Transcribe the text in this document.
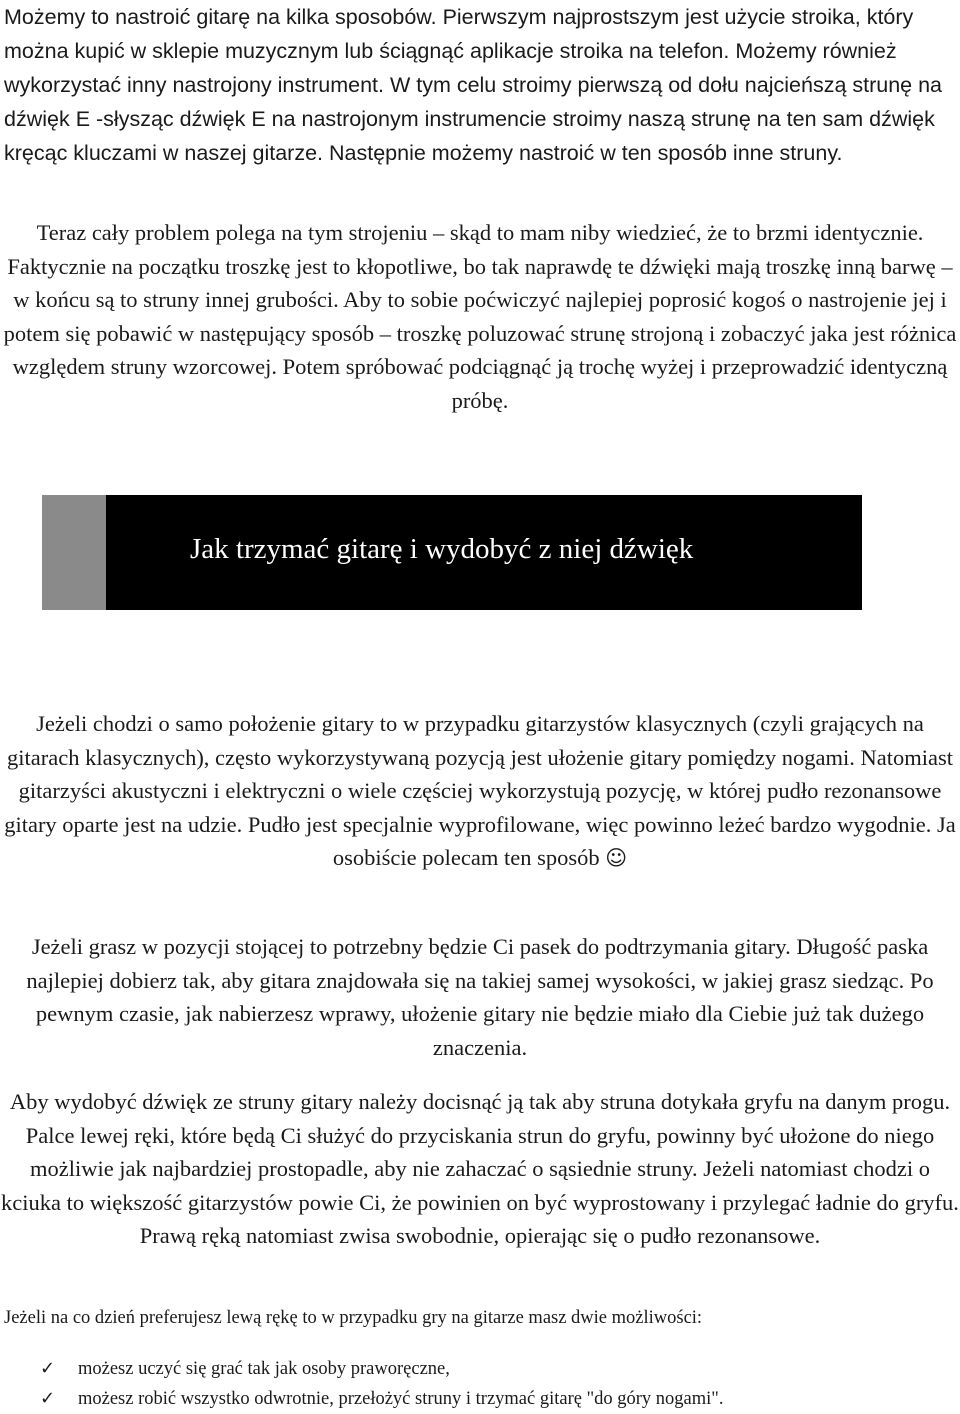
Możemy to nastroić gitarę na kilka sposobów. Pierwszym najprostszym jest użycie stroika, który można kupić w sklepie muzycznym lub ściągnąć aplikacje stroika na telefon. Możemy również wykorzystać inny nastrojony instrument. W tym celu stroimy pierwszą od dołu najcieńszą strunę na dźwięk E -słysząc dźwięk E na nastrojonym instrumencie stroimy naszą strunę na ten sam dźwięk kręcąc kluczami w naszej gitarze. Następnie możemy nastroić w ten sposób inne struny.

Teraz cały problem polega na tym strojeniu – skąd to mam niby wiedzieć, że to brzmi identycznie. Faktycznie na początku troszkę jest to kłopotliwe, bo tak naprawdę te dźwięki mają troszkę inną barwę – w końcu są to struny innej grubości. Aby to sobie poćwiczyć najlepiej poprosić kogoś o nastrojenie jej i potem się pobawić w następujący sposób – troszkę poluzować strunę strojoną i zobaczyć jaka jest różnica względem struny wzorcowej. Potem spróbować podciągnąć ją trochę wyżej i przeprowadzić identyczną próbę.

Jak trzymać gitarę i wydobyć z niej dźwięk

Jeżeli chodzi o samo położenie gitary to w przypadku gitarzystów klasycznych (czyli grających na gitarach klasycznych), często wykorzystywaną pozycją jest ułożenie gitary pomiędzy nogami. Natomiast gitarzyści akustyczni i elektryczni o wiele częściej wykorzystują pozycję, w której pudło rezonansowe gitary oparte jest na udzie. Pudło jest specjalnie wyprofilowane, więc powinno leżeć bardzo wygodnie. Ja osobiście polecam ten sposób ☺

Jeżeli grasz w pozycji stojącej to potrzebny będzie Ci pasek do podtrzymania gitary. Długość paska najlepiej dobierz tak, aby gitara znajdowała się na takiej samej wysokości, w jakiej grasz siedząc. Po pewnym czasie, jak nabierzesz wprawy, ułożenie gitary nie będzie miało dla Ciebie już tak dużego znaczenia.

Aby wydobyć dźwięk ze struny gitary należy docisnąć ją tak aby struna dotykała gryfu na danym progu. Palce lewej ręki, które będą Ci służyć do przyciskania strun do gryfu, powinny być ułożone do niego możliwie jak najbardziej prostopadle, aby nie zahaczać o sąsiednie struny. Jeżeli natomiast chodzi o kciuka to większość gitarzystów powie Ci, że powinien on być wyprostowany i przylegać ładnie do gryfu. Prawą ręką natomiast zwisa swobodnie, opierając się o pudło rezonansowe.

Jeżeli na co dzień preferujesz lewą rękę to w przypadku gry na gitarze masz dwie możliwości:

✓ możesz uczyć się grać tak jak osoby praworęczne,
✓ możesz robić wszystko odwrotnie, przełożyć struny i trzymać gitarę "do góry nogami".
